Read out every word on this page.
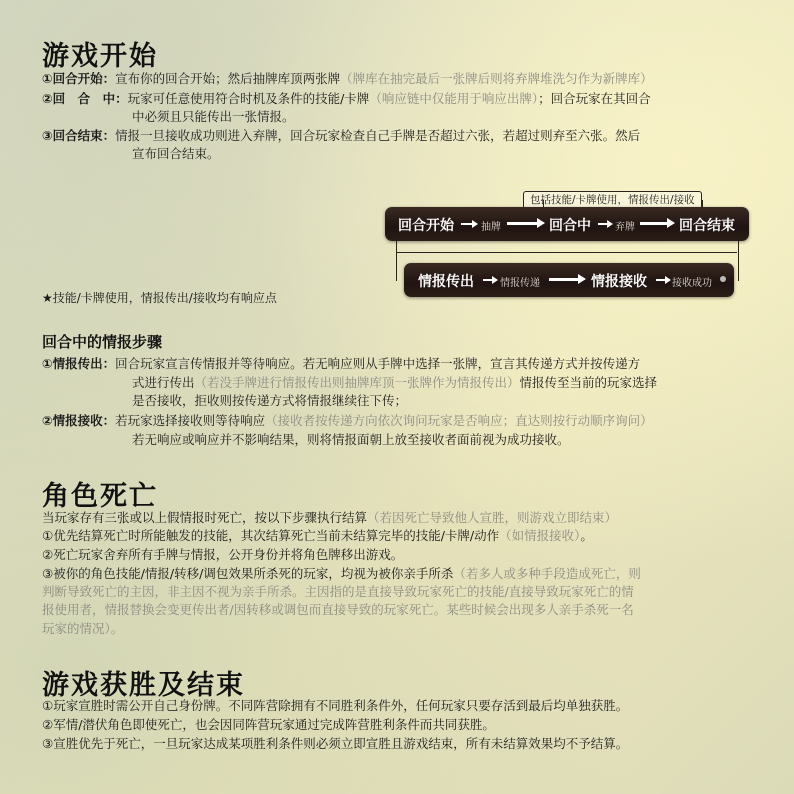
游戏开始
①回合开始：宣布你的回合开始；然后抽牌库顶两张牌（牌库在抽完最后一张牌后则将弃牌堆洗匀作为新牌库）
②回　合　中：玩家可任意使用符合时机及条件的技能/卡牌（响应链中仅能用于响应出牌）；回合玩家在其回合
中必须且只能传出一张情报。
③回合结束：情报一旦接收成功则进入弃牌，回合玩家检查自己手牌是否超过六张，若超过则弃至六张。然后
宣布回合结束。
包括技能/卡牌使用，情报传出/接收
回合开始	抽牌	回合中 弃牌	回合结束
情报传出	情报传递	情报接收	接收成功
★技能/卡牌使用，情报传出/接收均有响应点
回合中的情报步骤
①情报传出：回合玩家宣言传情报并等待响应。若无响应则从手牌中选择一张牌，宣言其传递方式并按传递方
式进行传出（若没手牌进行情报传出则抽牌库顶一张牌作为情报传出）情报传至当前的玩家选择
是否接收，拒收则按传递方式将情报继续往下传；
②情报接收：若玩家选择接收则等待响应（接收者按传递方向依次询问玩家是否响应；直达则按行动顺序询问）
若无响应或响应并不影响结果，则将情报面朝上放至接收者面前视为成功接收。
角色死亡
当玩家存有三张或以上假情报时死亡，按以下步骤执行结算（若因死亡导致他人宣胜，则游戏立即结束）
①优先结算死亡时所能触发的技能，其次结算死亡当前未结算完毕的技能/卡牌/动作（如情报接收）。
②死亡玩家舍弃所有手牌与情报，公开身份并将角色牌移出游戏。
③被你的角色技能/情报/转移/调包效果所杀死的玩家，均视为被你亲手所杀（若多人或多种手段造成死亡，则
判断导致死亡的主因，非主因不视为亲手所杀。主因指的是直接导致玩家死亡的技能/直接导致玩家死亡的情
报使用者，情报替换会变更传出者/因转移或调包而直接导致的玩家死亡。某些时候会出现多人亲手杀死一名
玩家的情况）。
游戏获胜及结束
①玩家宣胜时需公开自己身份牌。不同阵营除拥有不同胜利条件外，任何玩家只要存活到最后均单独获胜。
②军情/潜伏角色即使死亡，也会因同阵营玩家通过完成阵营胜利条件而共同获胜。
③宣胜优先于死亡，一旦玩家达成某项胜利条件则必须立即宣胜且游戏结束，所有未结算效果均不予结算。
